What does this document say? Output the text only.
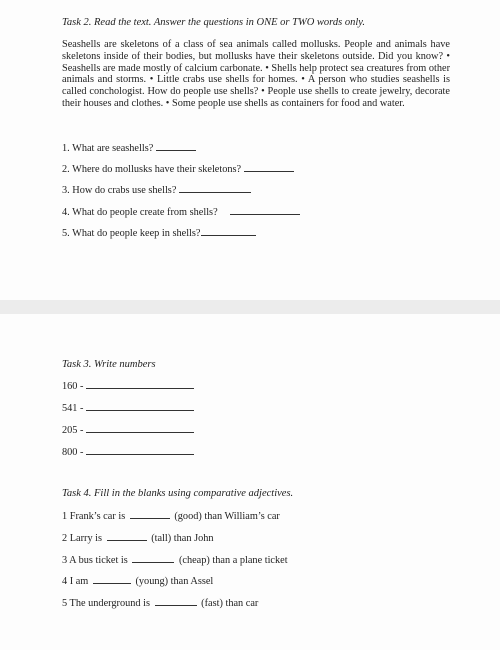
Task 2. Read the text. Answer the questions in ONE or TWO words only.

Seashells are skeletons of a class of sea animals called mollusks. People and animals have skeletons inside of their bodies, but mollusks have their skeletons outside. Did you know? • Seashells are made mostly of calcium carbonate. • Shells help protect sea creatures from other animals and storms. • Little crabs use shells for homes. • A person who studies seashells is called conchologist. How do people use shells? • People use shells to create jewelry, decorate their houses and clothes. • Some people use shells as containers for food and water.

1. What are seashells?
2. Where do mollusks have their skeletons?
3. How do crabs use shells?
4. What do people create from shells?
5. What do people keep in shells?

Task 3. Write numbers

160 -
541 -
205 -
800 -

Task 4. Fill in the blanks using comparative adjectives.

1 Frank’s car is	(good) than William’s car
2 Larry is	(tall) than John
3 A bus ticket is	(cheap) than a plane ticket
4 I am	(young) than Assel
5 The underground is	(fast) than car
